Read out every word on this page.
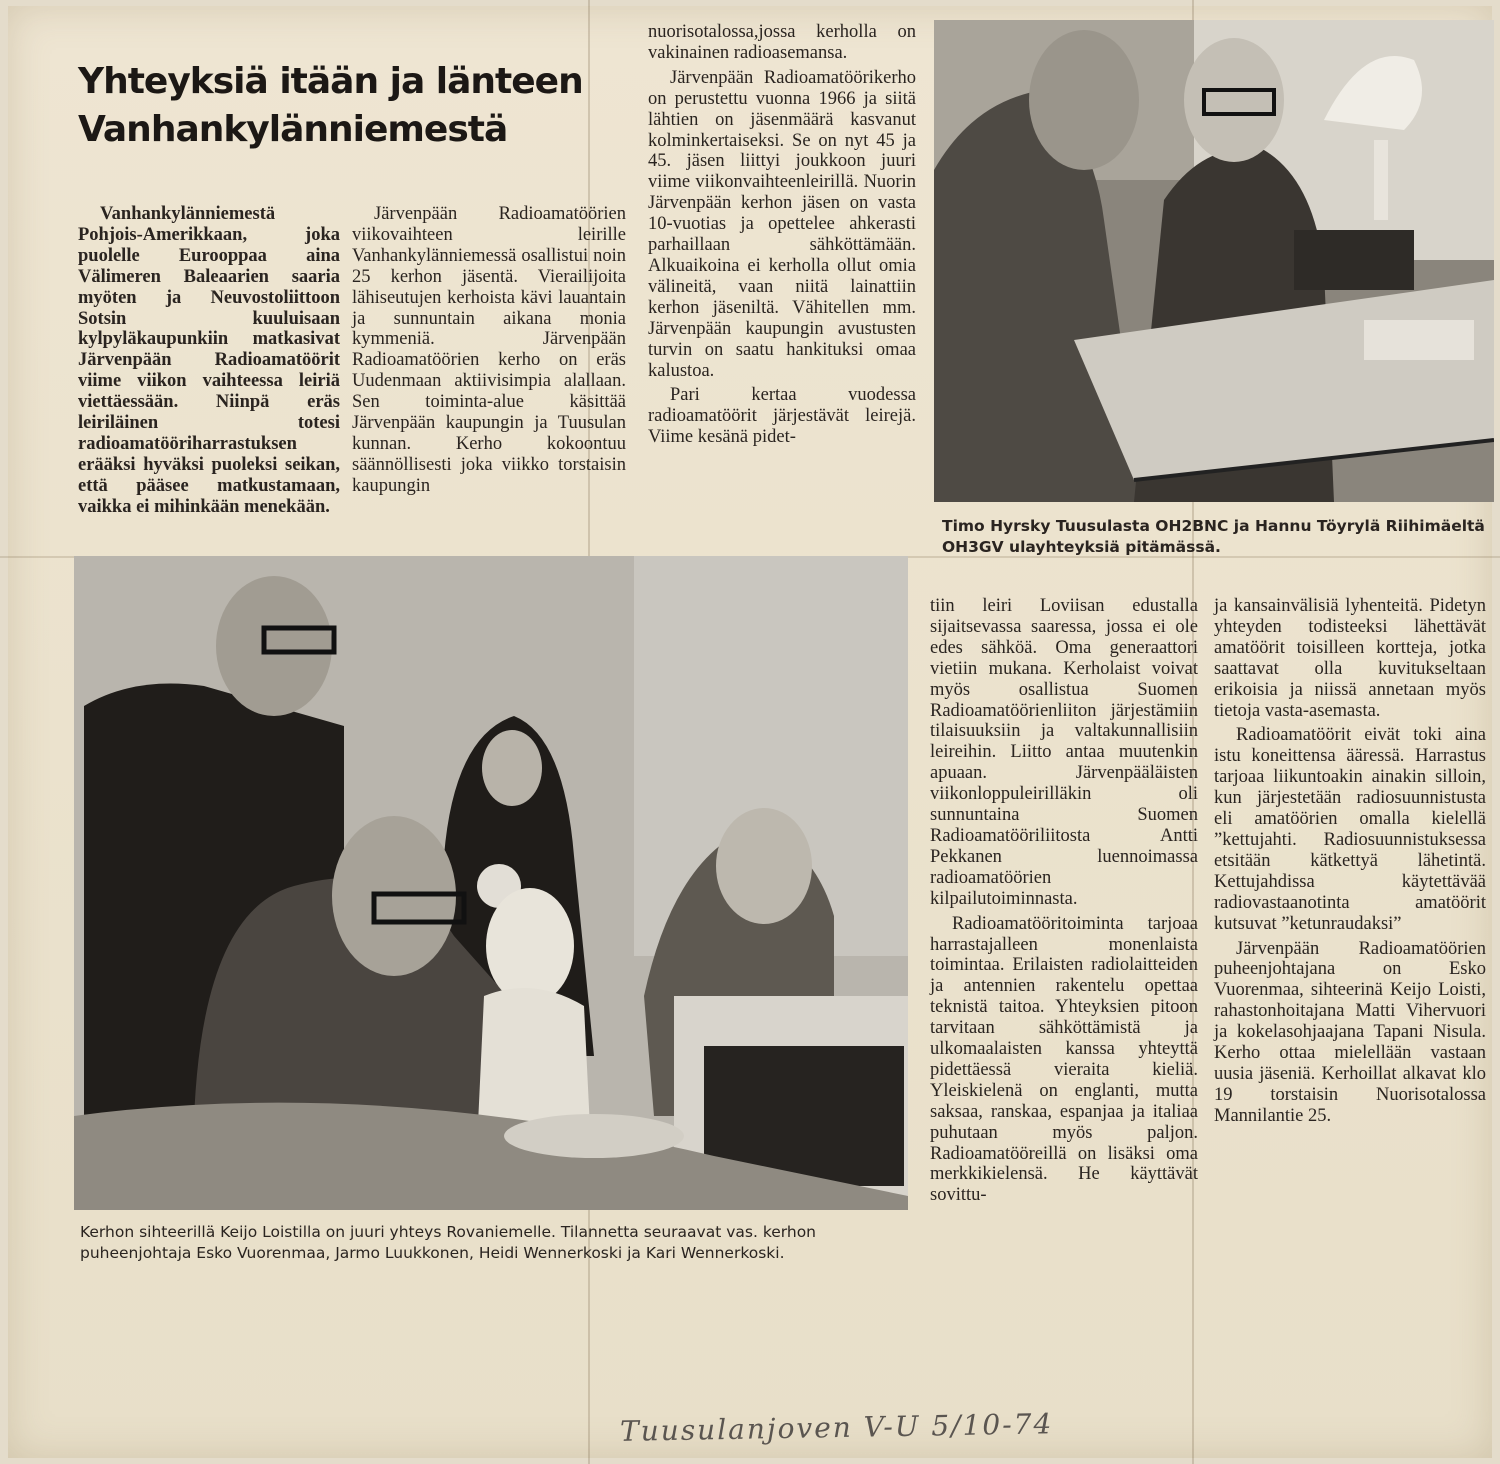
Yhteyksiä itään ja länteen
Vanhankylänniemestä

Vanhankylänniemestä Pohjois-Amerikkaan, joka puolelle Eurooppaa aina Välimeren Baleaarien saaria myöten ja Neuvostoliittoon Sotsin kuuluisaan kylpyläkaupunkiin matkasivat Järvenpään Radioamatöörit viime viikon vaihteessa leiriä viettäessään. Niinpä eräs leiriläinen totesi radioamatööriharrastuksen erääksi hyväksi puoleksi seikan, että pääsee matkustamaan, vaikka ei mihinkään menekään.

Järvenpään Radioamatöörien viikovaihteen leirille Vanhankylänniemessä osallistui noin 25 kerhon jäsentä. Vierailijoita lähiseutujen kerhoista kävi lauantain ja sunnuntain aikana monia kymmeniä. Järvenpään Radioamatöörien kerho on eräs Uudenmaan aktiivisimpia alallaan. Sen toiminta-alue käsittää Järvenpään kaupungin ja Tuusulan kunnan. Kerho kokoontuu säännöllisesti joka viikko torstaisin kaupungin

nuorisotalossa,jossa kerholla on vakinainen radioasemansa.

Järvenpään Radioamatöörikerho on perustettu vuonna 1966 ja siitä lähtien on jäsenmäärä kasvanut kolminkertaiseksi. Se on nyt 45 ja 45. jäsen liittyi joukkoon juuri viime viikonvaihteenleirillä. Nuorin Järvenpään kerhon jäsen on vasta 10-vuotias ja opettelee ahkerasti parhaillaan sähköttämään. Alkuaikoina ei kerholla ollut omia välineitä, vaan niitä lainattiin kerhon jäseniltä. Vähitellen mm. Järvenpään kaupungin avustusten turvin on saatu hankituksi omaa kalustoa.

Pari kertaa vuodessa radioamatöörit järjestävät leirejä. Viime kesänä pidet-

Timo Hyrsky Tuusulasta OH2BNC ja Hannu Töyrylä Riihimäeltä OH3GV ulayhteyksiä pitämässä.
Kerhon sihteerillä Keijo Loistilla on juuri yhteys Rovaniemelle. Tilannetta seuraavat vas. kerhon puheenjohtaja Esko Vuorenmaa, Jarmo Luukkonen, Heidi Wennerkoski ja Kari Wennerkoski.

tiin leiri Loviisan edustalla sijaitsevassa saaressa, jossa ei ole edes sähköä. Oma generaattori vietiin mukana. Kerholaist voivat myös osallistua Suomen Radioamatöörienliiton järjestämiin tilaisuuksiin ja valtakunnallisiin leireihin. Liitto antaa muutenkin apuaan. Järvenpääläisten viikonloppuleirilläkin oli sunnuntaina Suomen Radioamatööriliitosta Antti Pekkanen luennoimassa radioamatöörien kilpailutoiminnasta.

Radioamatööritoiminta tarjoaa harrastajalleen monenlaista toimintaa. Erilaisten radiolaitteiden ja antennien rakentelu opettaa teknistä taitoa. Yhteyksien pitoon tarvitaan sähköttämistä ja ulkomaalaisten kanssa yhteyttä pidettäessä vieraita kieliä. Yleiskielenä on englanti, mutta saksaa, ranskaa, espanjaa ja italiaa puhutaan myös paljon. Radioamatööreillä on lisäksi oma merkkikielensä. He käyttävät sovittu-

ja kansainvälisiä lyhenteitä. Pidetyn yhteyden todisteeksi lähettävät amatöörit toisilleen kortteja, jotka saattavat olla kuvitukseltaan erikoisia ja niissä annetaan myös tietoja vasta-asemasta.

Radioamatöörit eivät toki aina istu koneittensa ääressä. Harrastus tarjoaa liikuntoakin ainakin silloin, kun järjestetään radiosuunnistusta eli amatöörien omalla kielellä ”kettujahti. Radiosuunnistuksessa etsitään kätkettyä lähetintä. Kettujahdissa käytettävää radiovastaanotinta amatöörit kutsuvat ”ketunraudaksi”

Järvenpään Radioamatöörien puheenjohtajana on Esko Vuorenmaa, sihteerinä Keijo Loisti, rahastonhoitajana Matti Vihervuori ja kokelasohjaajana Tapani Nisula. Kerho ottaa mielellään vastaan uusia jäseniä. Kerhoillat alkavat klo 19 torstaisin Nuorisotalossa Mannilantie 25.

Tuusulanjoven V-U 5/10-74
